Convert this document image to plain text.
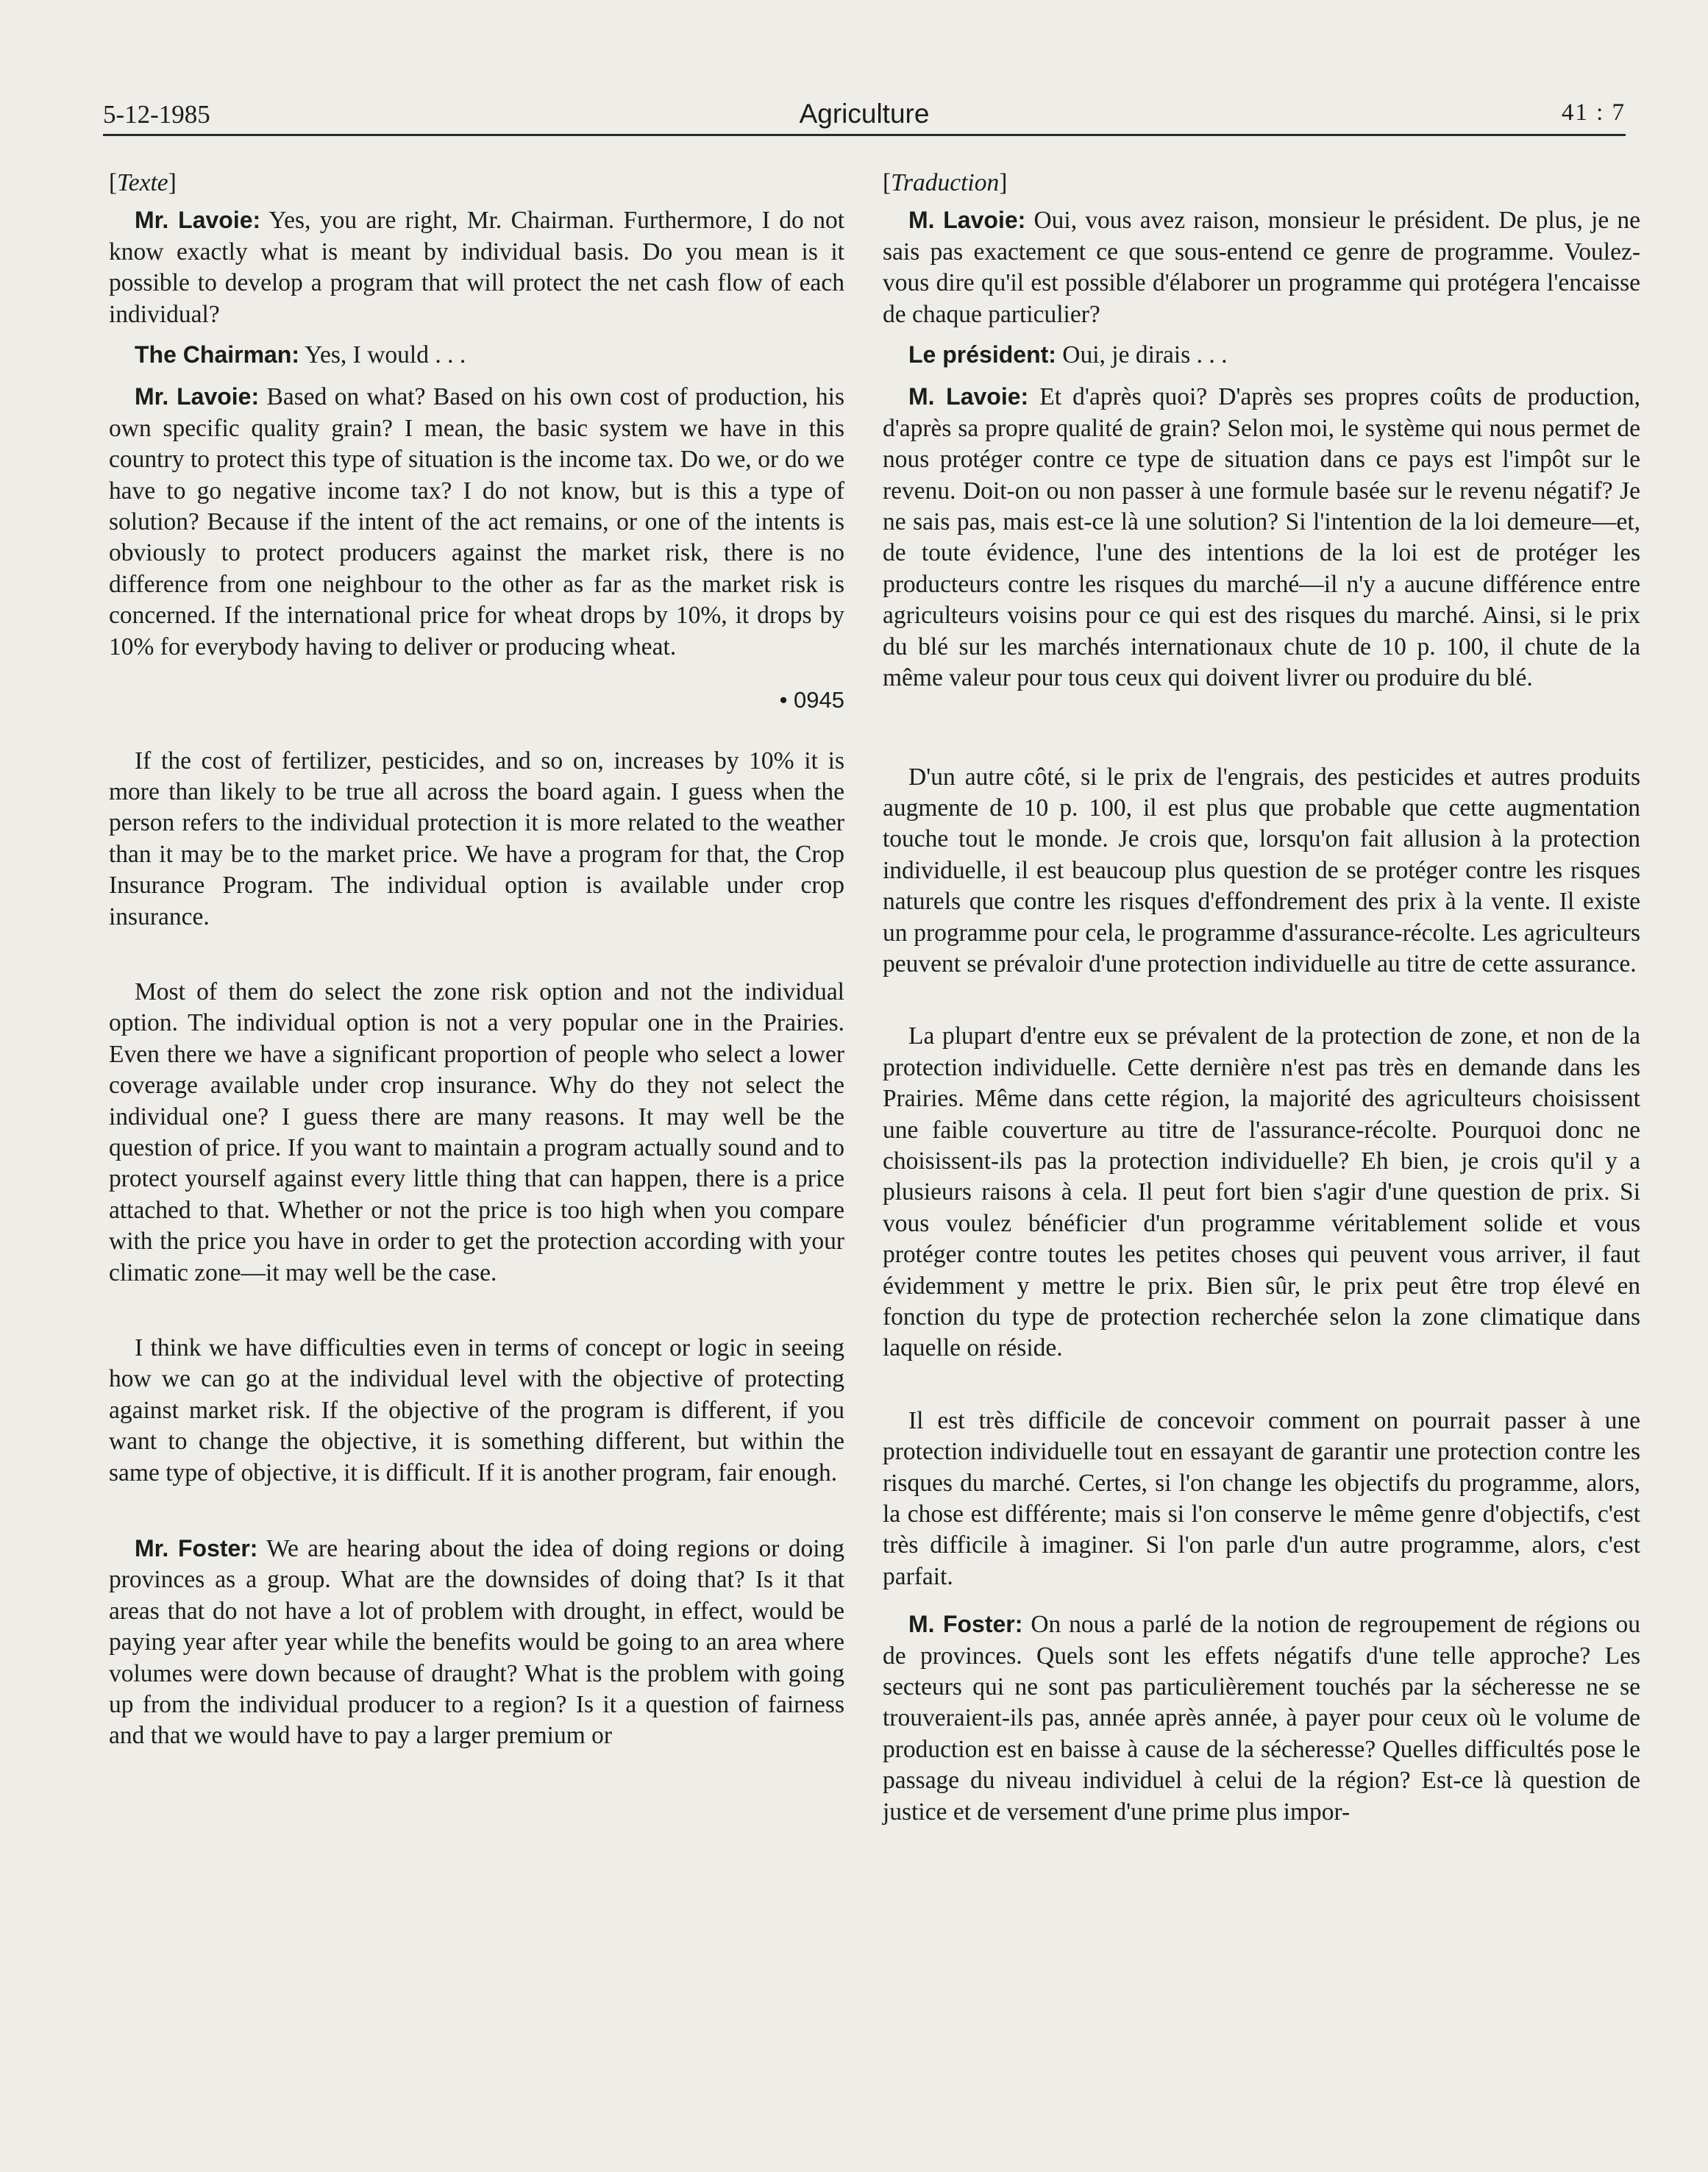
5-12-1985	Agriculture	41 : 7
[Texte]

Mr. Lavoie: Yes, you are right, Mr. Chairman. Furthermore, I do not know exactly what is meant by individual basis. Do you mean is it possible to develop a program that will protect the net cash flow of each individual?

The Chairman: Yes, I would . . .

Mr. Lavoie: Based on what? Based on his own cost of production, his own specific quality grain? I mean, the basic system we have in this country to protect this type of situation is the income tax. Do we, or do we have to go negative income tax? I do not know, but is this a type of solution? Because if the intent of the act remains, or one of the intents is obviously to protect producers against the market risk, there is no difference from one neighbour to the other as far as the market risk is concerned. If the international price for wheat drops by 10%, it drops by 10% for everybody having to deliver or producing wheat.

• 0945

If the cost of fertilizer, pesticides, and so on, increases by 10% it is more than likely to be true all across the board again. I guess when the person refers to the individual protection it is more related to the weather than it may be to the market price. We have a program for that, the Crop Insurance Program. The individual option is available under crop insurance.

Most of them do select the zone risk option and not the individual option. The individual option is not a very popular one in the Prairies. Even there we have a significant proportion of people who select a lower coverage available under crop insurance. Why do they not select the individual one? I guess there are many reasons. It may well be the question of price. If you want to maintain a program actually sound and to protect yourself against every little thing that can happen, there is a price attached to that. Whether or not the price is too high when you compare with the price you have in order to get the protection according with your climatic zone—it may well be the case.

I think we have difficulties even in terms of concept or logic in seeing how we can go at the individual level with the objective of protecting against market risk. If the objective of the program is different, if you want to change the objective, it is something different, but within the same type of objective, it is difficult. If it is another program, fair enough.

Mr. Foster: We are hearing about the idea of doing regions or doing provinces as a group. What are the downsides of doing that? Is it that areas that do not have a lot of problem with drought, in effect, would be paying year after year while the benefits would be going to an area where volumes were down because of draught? What is the problem with going up from the individual producer to a region? Is it a question of fairness and that we would have to pay a larger premium or

[Traduction]

M. Lavoie: Oui, vous avez raison, monsieur le président. De plus, je ne sais pas exactement ce que sous-entend ce genre de programme. Voulez-vous dire qu'il est possible d'élaborer un programme qui protégera l'encaisse de chaque particulier?

Le président: Oui, je dirais . . .

M. Lavoie: Et d'après quoi? D'après ses propres coûts de production, d'après sa propre qualité de grain? Selon moi, le système qui nous permet de nous protéger contre ce type de situation dans ce pays est l'impôt sur le revenu. Doit-on ou non passer à une formule basée sur le revenu négatif? Je ne sais pas, mais est-ce là une solution? Si l'intention de la loi demeure—et, de toute évidence, l'une des intentions de la loi est de protéger les producteurs contre les risques du marché—il n'y a aucune différence entre agriculteurs voisins pour ce qui est des risques du marché. Ainsi, si le prix du blé sur les marchés internationaux chute de 10 p. 100, il chute de la même valeur pour tous ceux qui doivent livrer ou produire du blé.

D'un autre côté, si le prix de l'engrais, des pesticides et autres produits augmente de 10 p. 100, il est plus que probable que cette augmentation touche tout le monde. Je crois que, lorsqu'on fait allusion à la protection individuelle, il est beaucoup plus question de se protéger contre les risques naturels que contre les risques d'effondrement des prix à la vente. Il existe un programme pour cela, le programme d'assurance-récolte. Les agriculteurs peuvent se prévaloir d'une protection individuelle au titre de cette assurance.

La plupart d'entre eux se prévalent de la protection de zone, et non de la protection individuelle. Cette dernière n'est pas très en demande dans les Prairies. Même dans cette région, la majorité des agriculteurs choisissent une faible couverture au titre de l'assurance-récolte. Pourquoi donc ne choisissent-ils pas la protection individuelle? Eh bien, je crois qu'il y a plusieurs raisons à cela. Il peut fort bien s'agir d'une question de prix. Si vous voulez bénéficier d'un programme véritablement solide et vous protéger contre toutes les petites choses qui peuvent vous arriver, il faut évidemment y mettre le prix. Bien sûr, le prix peut être trop élevé en fonction du type de protection recherchée selon la zone climatique dans laquelle on réside.

Il est très difficile de concevoir comment on pourrait passer à une protection individuelle tout en essayant de garantir une protection contre les risques du marché. Certes, si l'on change les objectifs du programme, alors, la chose est différente; mais si l'on conserve le même genre d'objectifs, c'est très difficile à imaginer. Si l'on parle d'un autre programme, alors, c'est parfait.

M. Foster: On nous a parlé de la notion de regroupement de régions ou de provinces. Quels sont les effets négatifs d'une telle approche? Les secteurs qui ne sont pas particulièrement touchés par la sécheresse ne se trouveraient-ils pas, année après année, à payer pour ceux où le volume de production est en baisse à cause de la sécheresse? Quelles difficultés pose le passage du niveau individuel à celui de la région? Est-ce là question de justice et de versement d'une prime plus impor-
